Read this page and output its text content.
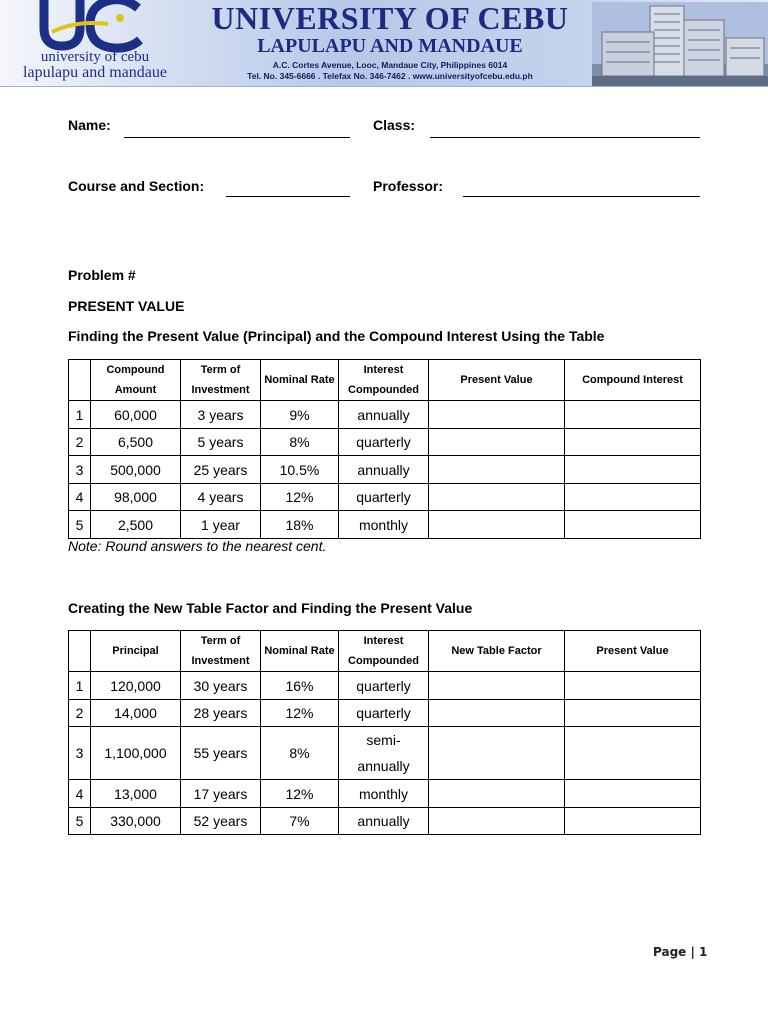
university of cebu
lapulapu and mandaue
UNIVERSITY OF CEBU
LAPULAPU AND MANDAUE
A.C. Cortes Avenue, Looc, Mandaue City, Philippines 6014
Tel. No. 345-6666 . Telefax No. 346-7462 . www.universityofcebu.edu.ph
Name:	Class:
Course and Section:	Professor:
Problem #
PRESENT VALUE
Finding the Present Value (Principal) and the Compound Interest Using the Table
	Compound Amount	Term of Investment	Nominal Rate	Interest Compounded	Present Value	Compound Interest
1	60,000	3 years	9%	annually		
2	6,500	5 years	8%	quarterly		
3	500,000	25 years	10.5%	annually		
4	98,000	4 years	12%	quarterly		
5	2,500	1 year	18%	monthly		
Note: Round answers to the nearest cent.
Creating the New Table Factor and Finding the Present Value
	Principal	Term of Investment	Nominal Rate	Interest Compounded	New Table Factor	Present Value
1	120,000	30 years	16%	quarterly		
2	14,000	28 years	12%	quarterly		
3	1,100,000	55 years	8%	semi-annually		
4	13,000	17 years	12%	monthly		
5	330,000	52 years	7%	annually		
Page | 1
